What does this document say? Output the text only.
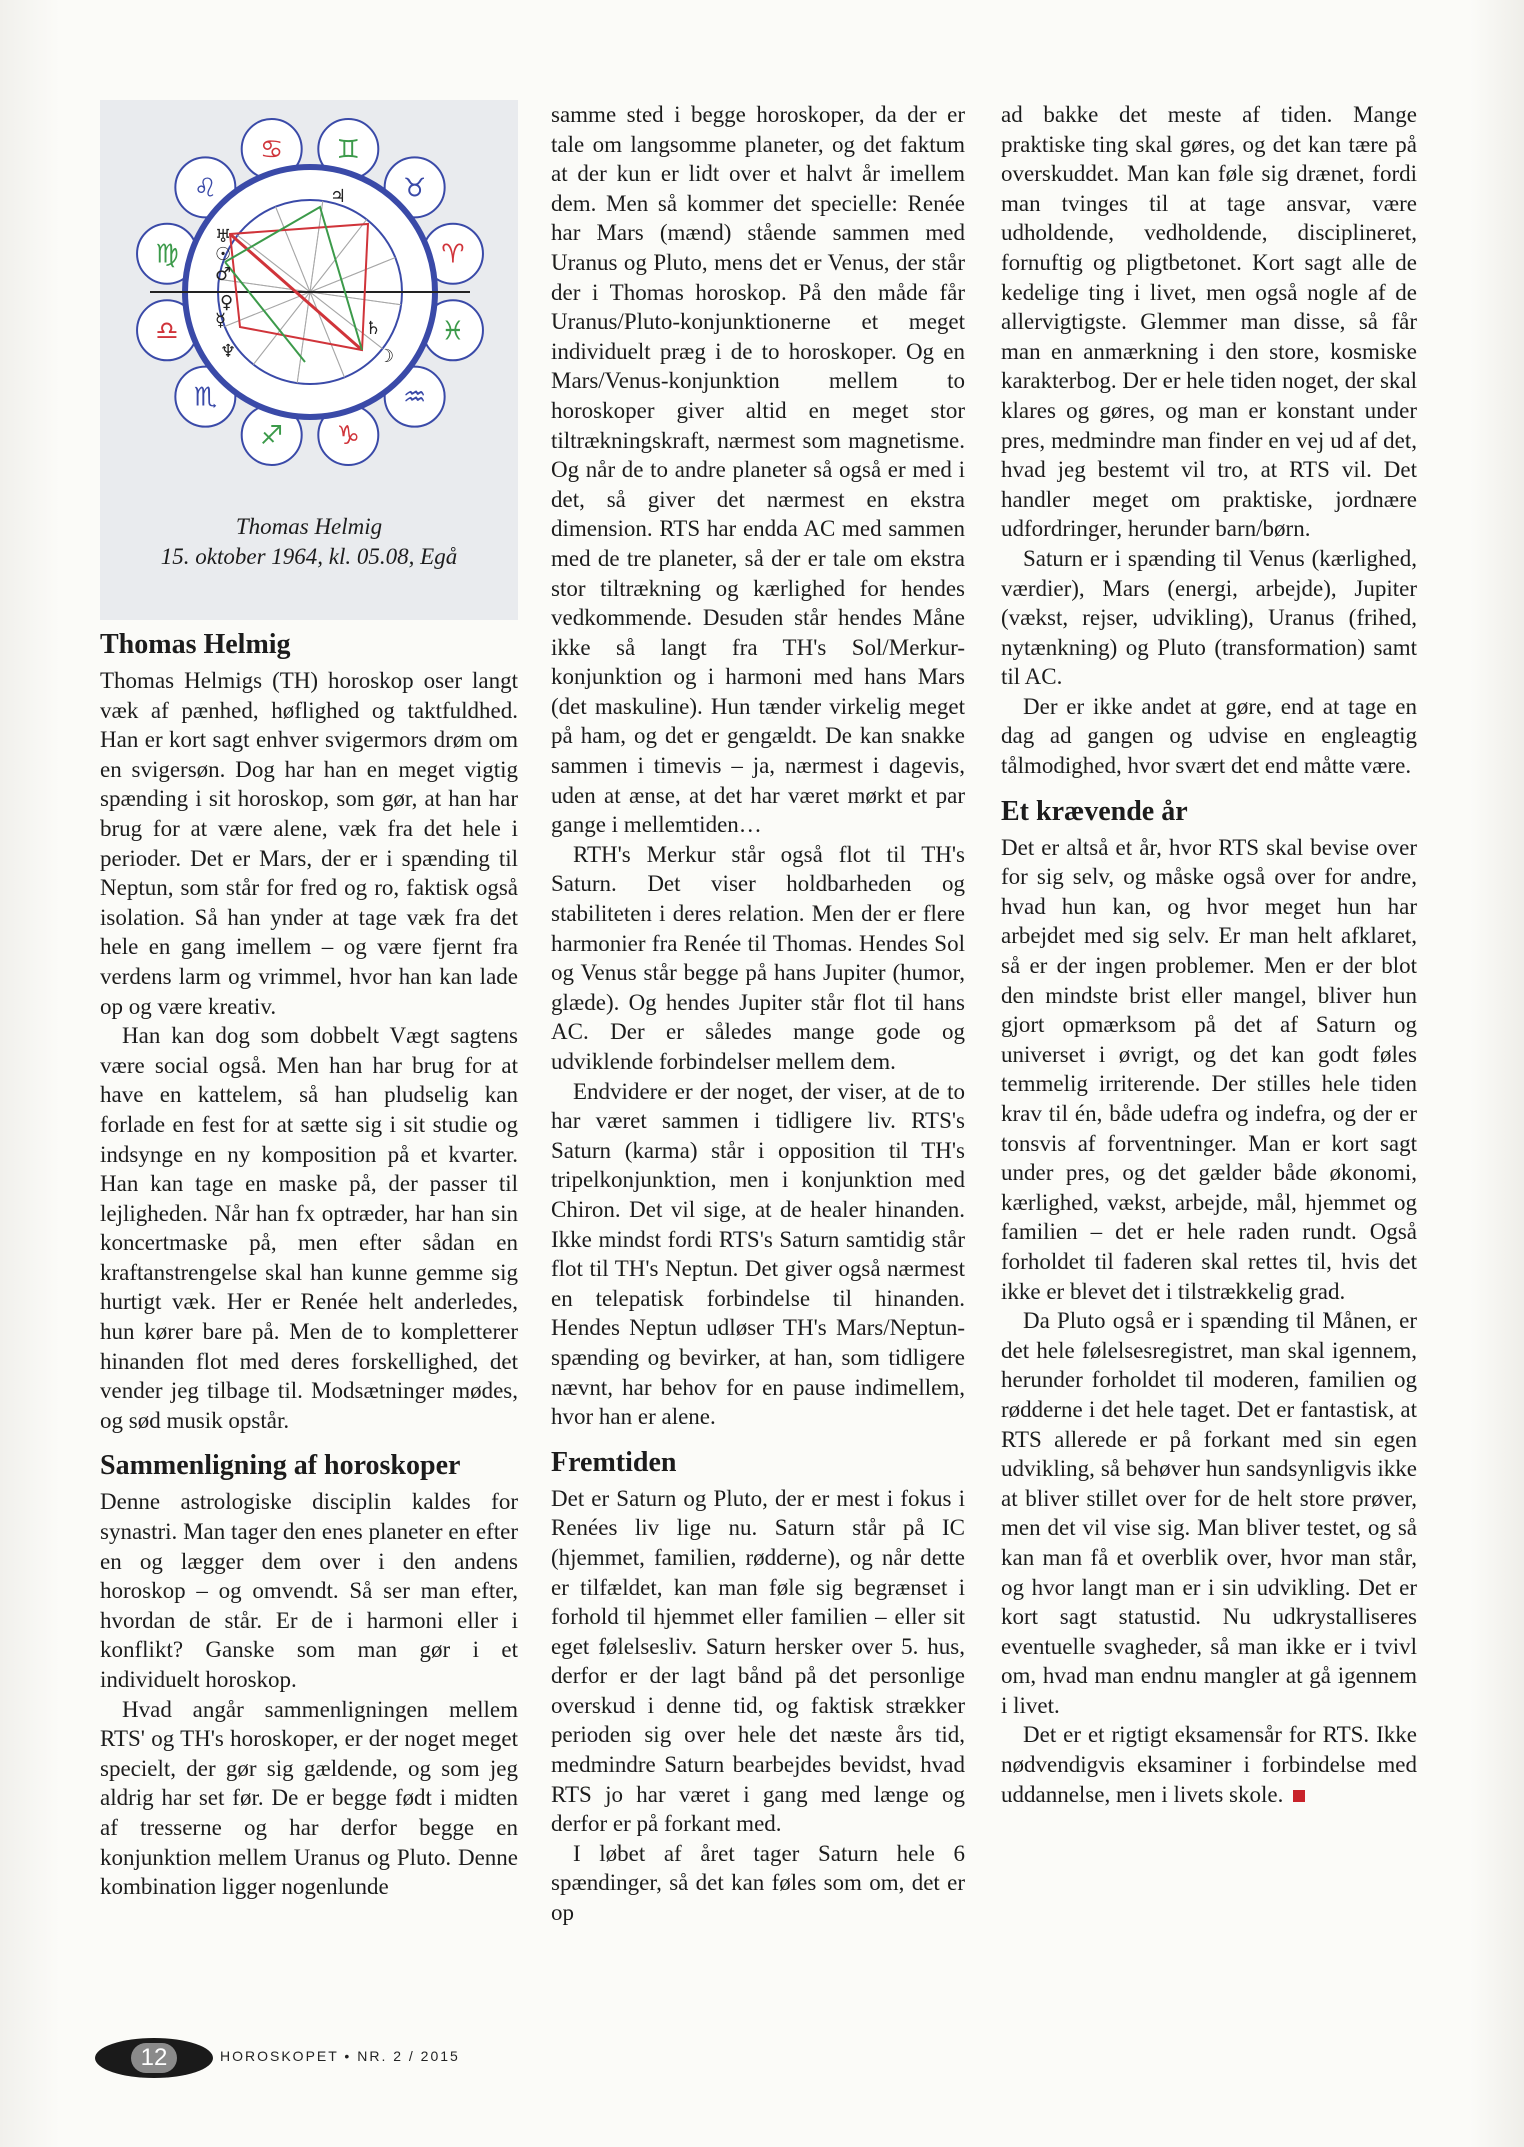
♋ ♊
♉
♈
♓
♒
♑
♐
♏
♎
♍
♌	♃
♅
☉
♂
♀
☿
♆
♄
☽
Thomas Helmig
15. oktober 1964, kl. 05.08, Egå
Thomas Helmig

Thomas Helmigs (TH) horoskop oser langt væk af pænhed, høflighed og taktfuldhed. Han er kort sagt enhver svigermors drøm om en svigersøn. Dog har han en meget vigtig spænding i sit horoskop, som gør, at han har brug for at være alene, væk fra det hele i perioder. Det er Mars, der er i spænding til Neptun, som står for fred og ro, faktisk også isolation. Så han ynder at tage væk fra det hele en gang imellem – og være fjernt fra verdens larm og vrimmel, hvor han kan lade op og være kreativ.

Han kan dog som dobbelt Vægt sagtens være social også. Men han har brug for at have en kattelem, så han pludselig kan forlade en fest for at sætte sig i sit studie og indsynge en ny komposition på et kvarter. Han kan tage en maske på, der passer til lejligheden. Når han fx optræder, har han sin koncertmaske på, men efter sådan en kraftanstrengelse skal han kunne gemme sig hurtigt væk. Her er Renée helt anderledes, hun kører bare på. Men de to kompletterer hinanden flot med deres forskellighed, det vender jeg tilbage til. Modsætninger mødes, og sød musik opstår.

Sammenligning af horoskoper

Denne astrologiske disciplin kaldes for synastri. Man tager den enes planeter en efter en og lægger dem over i den andens horoskop – og omvendt. Så ser man efter, hvordan de står. Er de i harmoni eller i konflikt? Ganske som man gør i et individuelt horoskop.

Hvad angår sammenligningen mellem RTS' og TH's horoskoper, er der noget meget specielt, der gør sig gældende, og som jeg aldrig har set før. De er begge født i midten af tresserne og har derfor begge en konjunktion mellem Uranus og Pluto. Denne kombination ligger nogenlunde

samme sted i begge horoskoper, da der er tale om langsomme planeter, og det faktum at der kun er lidt over et halvt år imellem dem. Men så kommer det specielle: Renée har Mars (mænd) stående sammen med Uranus og Pluto, mens det er Venus, der står der i Thomas horoskop. På den måde får Uranus/Pluto-konjunktionerne et meget individuelt præg i de to horoskoper. Og en Mars/Venus-konjunktion mellem to horoskoper giver altid en meget stor tiltrækningskraft, nærmest som magnetisme. Og når de to andre planeter så også er med i det, så giver det nærmest en ekstra dimension. RTS har endda AC med sammen med de tre planeter, så der er tale om ekstra stor tiltrækning og kærlighed for hendes vedkommende. Desuden står hendes Måne ikke så langt fra TH's Sol/Merkur-konjunktion og i harmoni med hans Mars (det maskuline). Hun tænder virkelig meget på ham, og det er gengældt. De kan snakke sammen i timevis – ja, nærmest i dagevis, uden at ænse, at det har været mørkt et par gange i mellemtiden…

RTH's Merkur står også flot til TH's Saturn. Det viser holdbarheden og stabiliteten i deres relation. Men der er flere harmonier fra Renée til Thomas. Hendes Sol og Venus står begge på hans Jupiter (humor, glæde). Og hendes Jupiter står flot til hans AC. Der er således mange gode og udviklende forbindelser mellem dem.

Endvidere er der noget, der viser, at de to har været sammen i tidligere liv. RTS's Saturn (karma) står i opposition til TH's tripelkonjunktion, men i konjunktion med Chiron. Det vil sige, at de healer hinanden. Ikke mindst fordi RTS's Saturn samtidig står flot til TH's Neptun. Det giver også nærmest en telepatisk forbindelse til hinanden. Hendes Neptun udløser TH's Mars/Neptun-spænding og bevirker, at han, som tidligere nævnt, har behov for en pause indimellem, hvor han er alene.

Fremtiden

Det er Saturn og Pluto, der er mest i fokus i Renées liv lige nu. Saturn står på IC (hjemmet, familien, rødderne), og når dette er tilfældet, kan man føle sig begrænset i forhold til hjemmet eller familien – eller sit eget følelsesliv. Saturn hersker over 5. hus, derfor er der lagt bånd på det personlige overskud i denne tid, og faktisk strækker perioden sig over hele det næste års tid, medmindre Saturn bearbejdes bevidst, hvad RTS jo har været i gang med længe og derfor er på forkant med.

I løbet af året tager Saturn hele 6 spændinger, så det kan føles som om, det er op

ad bakke det meste af tiden. Mange praktiske ting skal gøres, og det kan tære på overskuddet. Man kan føle sig drænet, fordi man tvinges til at tage ansvar, være udholdende, vedholdende, disciplineret, fornuftig og pligtbetonet. Kort sagt alle de kedelige ting i livet, men også nogle af de allervigtigste. Glemmer man disse, så får man en anmærkning i den store, kosmiske karakterbog. Der er hele tiden noget, der skal klares og gøres, og man er konstant under pres, medmindre man finder en vej ud af det, hvad jeg bestemt vil tro, at RTS vil. Det handler meget om praktiske, jordnære udfordringer, herunder barn/børn.

Saturn er i spænding til Venus (kærlighed, værdier), Mars (energi, arbejde), Jupiter (vækst, rejser, udvikling), Uranus (frihed, nytænkning) og Pluto (transformation) samt til AC.

Der er ikke andet at gøre, end at tage en dag ad gangen og udvise en engleagtig tålmodighed, hvor svært det end måtte være.

Et krævende år

Det er altså et år, hvor RTS skal bevise over for sig selv, og måske også over for andre, hvad hun kan, og hvor meget hun har arbejdet med sig selv. Er man helt afklaret, så er der ingen problemer. Men er der blot den mindste brist eller mangel, bliver hun gjort opmærksom på det af Saturn og universet i øvrigt, og det kan godt føles temmelig irriterende. Der stilles hele tiden krav til én, både udefra og indefra, og der er tonsvis af forventninger. Man er kort sagt under pres, og det gælder både økonomi, kærlighed, vækst, arbejde, mål, hjemmet og familien – det er hele raden rundt. Også forholdet til faderen skal rettes til, hvis det ikke er blevet det i tilstrækkelig grad.

Da Pluto også er i spænding til Månen, er det hele følelsesregistret, man skal igennem, herunder forholdet til moderen, familien og rødderne i det hele taget. Det er fantastisk, at RTS allerede er på forkant med sin egen udvikling, så behøver hun sandsynligvis ikke at bliver stillet over for de helt store prøver, men det vil vise sig. Man bliver testet, og så kan man få et overblik over, hvor man står, og hvor langt man er i sin udvikling. Det er kort sagt statustid. Nu udkrystalliseres eventuelle svagheder, så man ikke er i tvivl om, hvad man endnu mangler at gå igennem i livet.

Det er et rigtigt eksamensår for RTS. Ikke nødvendigvis eksaminer i forbindelse med uddannelse, men i livets skole.

12	HOROSKOPET • NR. 2 / 2015
